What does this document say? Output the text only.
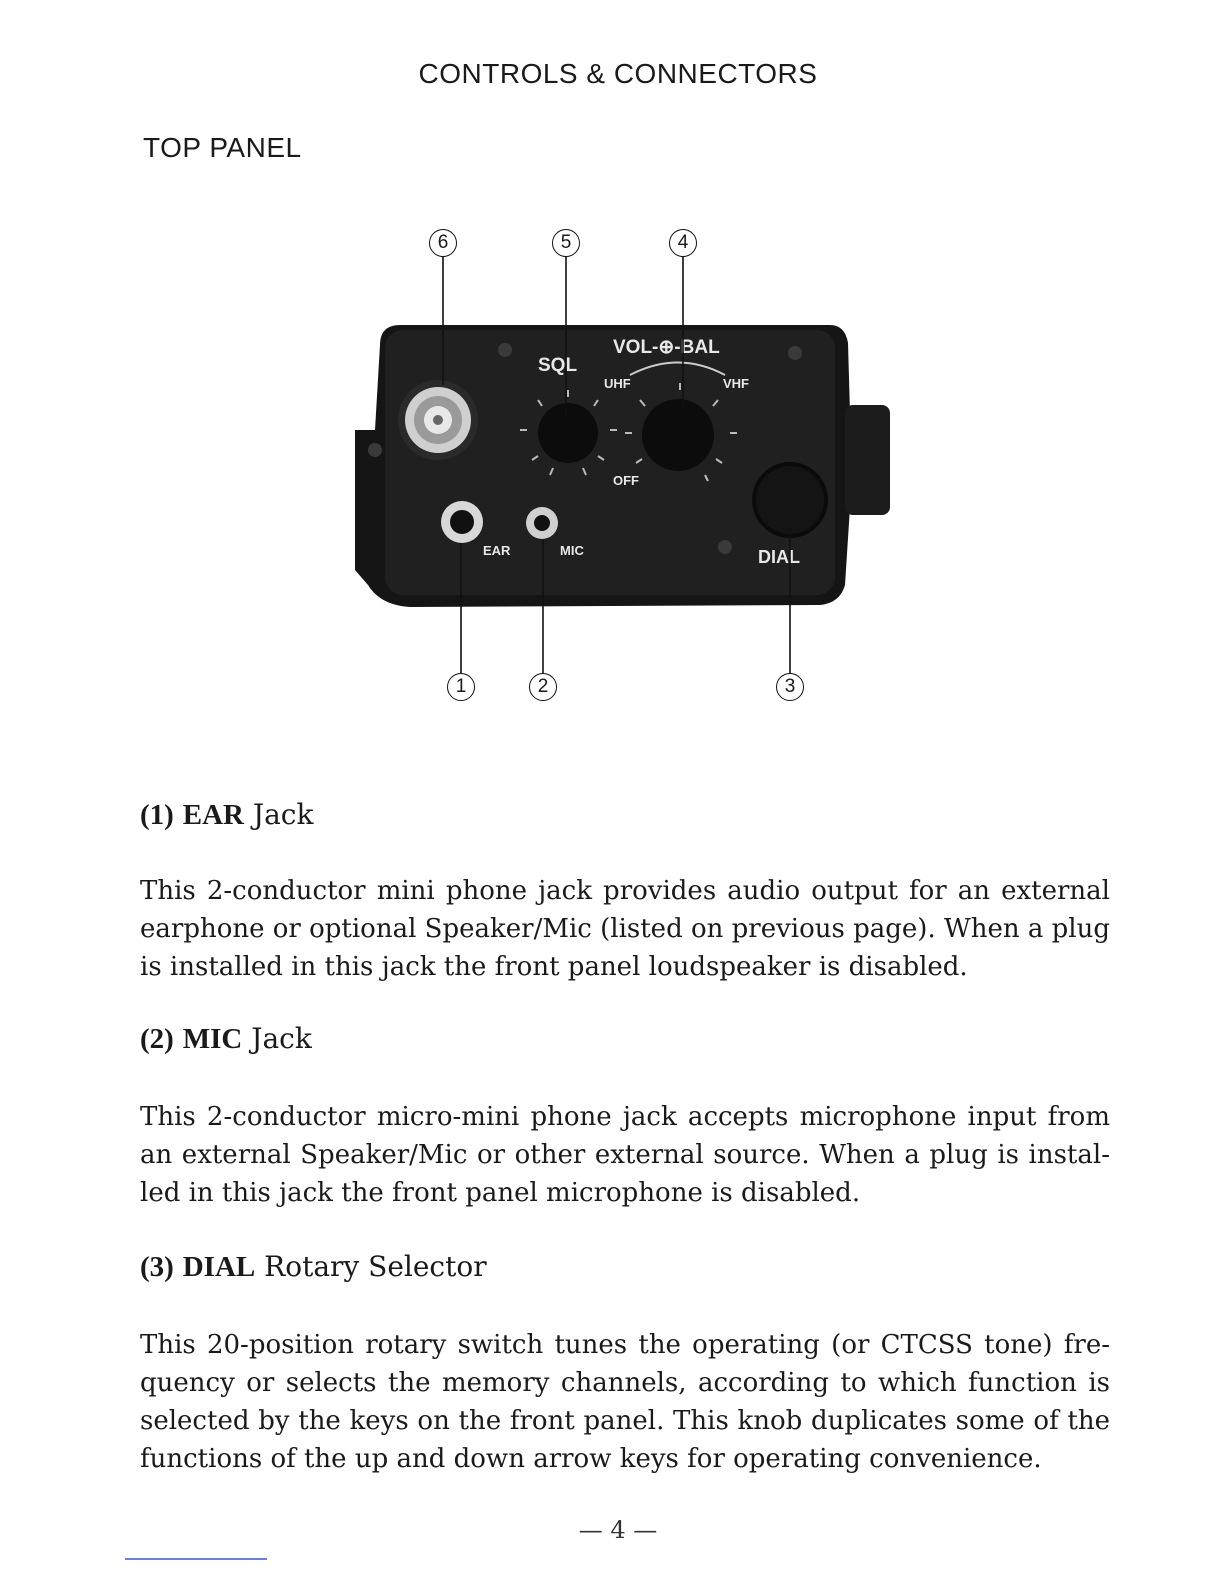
CONTROLS & CONNECTORS
TOP PANEL
VOL-⊕-BAL
SQL
UHF	VHF
OFF
EAR	MIC	DIAL
6	5	4
1	2	3
(1) EAR Jack
This 2-conductor mini phone jack provides audio output for an external
earphone or optional Speaker/Mic (listed on previous page). When a plug
is installed in this jack the front panel loudspeaker is disabled.
(2) MIC Jack
This 2-conductor micro-mini phone jack accepts microphone input from
an external Speaker/Mic or other external source. When a plug is instal-
led in this jack the front panel microphone is disabled.
(3) DIAL Rotary Selector
This 20-position rotary switch tunes the operating (or CTCSS tone) fre-
quency or selects the memory channels, according to which function is
selected by the keys on the front panel. This knob duplicates some of the
functions of the up and down arrow keys for operating convenience.
— 4 —
